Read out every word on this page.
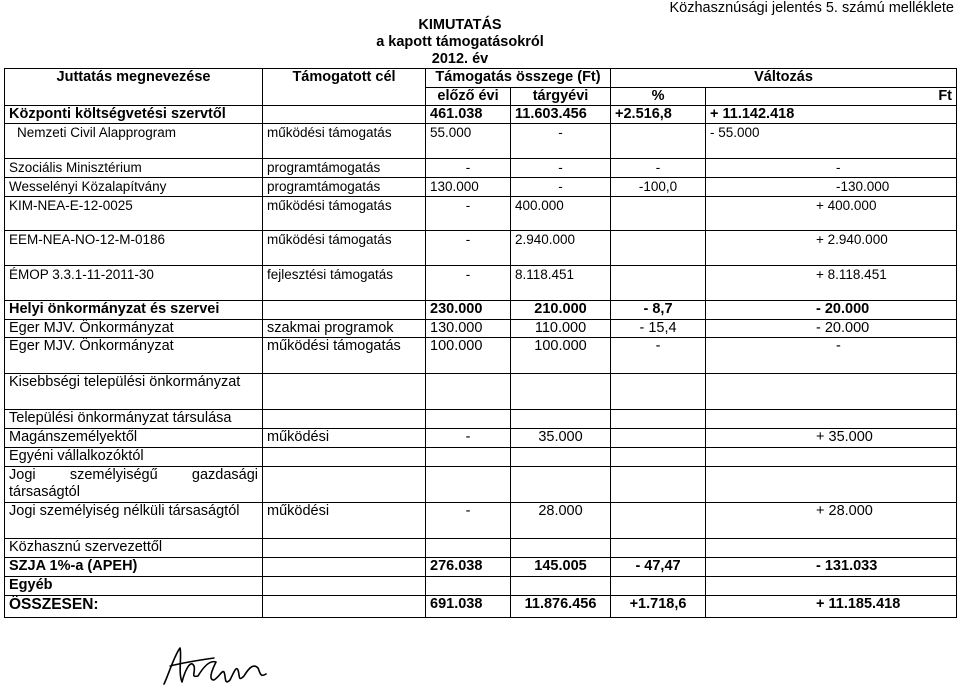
Közhasznúsági jelentés 5. számú melléklete
KIMUTATÁS
a kapott támogatásokról
2012. év
Juttatás megnevezése	Támogatott cél	Támogatás összege (Ft)		Változás	
		előző évi	tárgyévi	%	Ft
Központi költségvetési szervtől		461.038	11.603.456	+2.516,8	+ 11.142.418
Nemzeti Civil Alapprogram	működési támogatás	55.000	-		- 55.000
Szociális Minisztérium	programtámogatás	-	-	-	-
Wesselényi Közalapítvány	programtámogatás	130.000	-	-100,0	-130.000
KIM-NEA-E-12-0025	működési támogatás	-	400.000		+ 400.000
EEM-NEA-NO-12-M-0186	működési támogatás	-	2.940.000		+ 2.940.000
ÉMOP 3.3.1-11-2011-30	fejlesztési támogatás	-	8.118.451		+ 8.118.451
Helyi önkormányzat és szervei		230.000	210.000	- 8,7	- 20.000
Eger MJV. Önkormányzat	szakmai programok	130.000	110.000	- 15,4	- 20.000
Eger MJV. Önkormányzat	működési támogatás	100.000	100.000	-	-
Kisebbségi települési önkormányzat					
Települési önkormányzat társulása					
Magánszemélyektől	működési	-	35.000		+ 35.000
Egyéni vállalkozóktól					
Jogi személyiségű gazdasági társaságtól					
Jogi személyiség nélküli társaságtól	működési	-	28.000		+ 28.000
Közhasznú szervezettől					
SZJA 1%-a (APEH)		276.038	145.005	- 47,47	- 131.033
Egyéb					
ÖSSZESEN:		691.038	11.876.456	+1.718,6	+ 11.185.418
